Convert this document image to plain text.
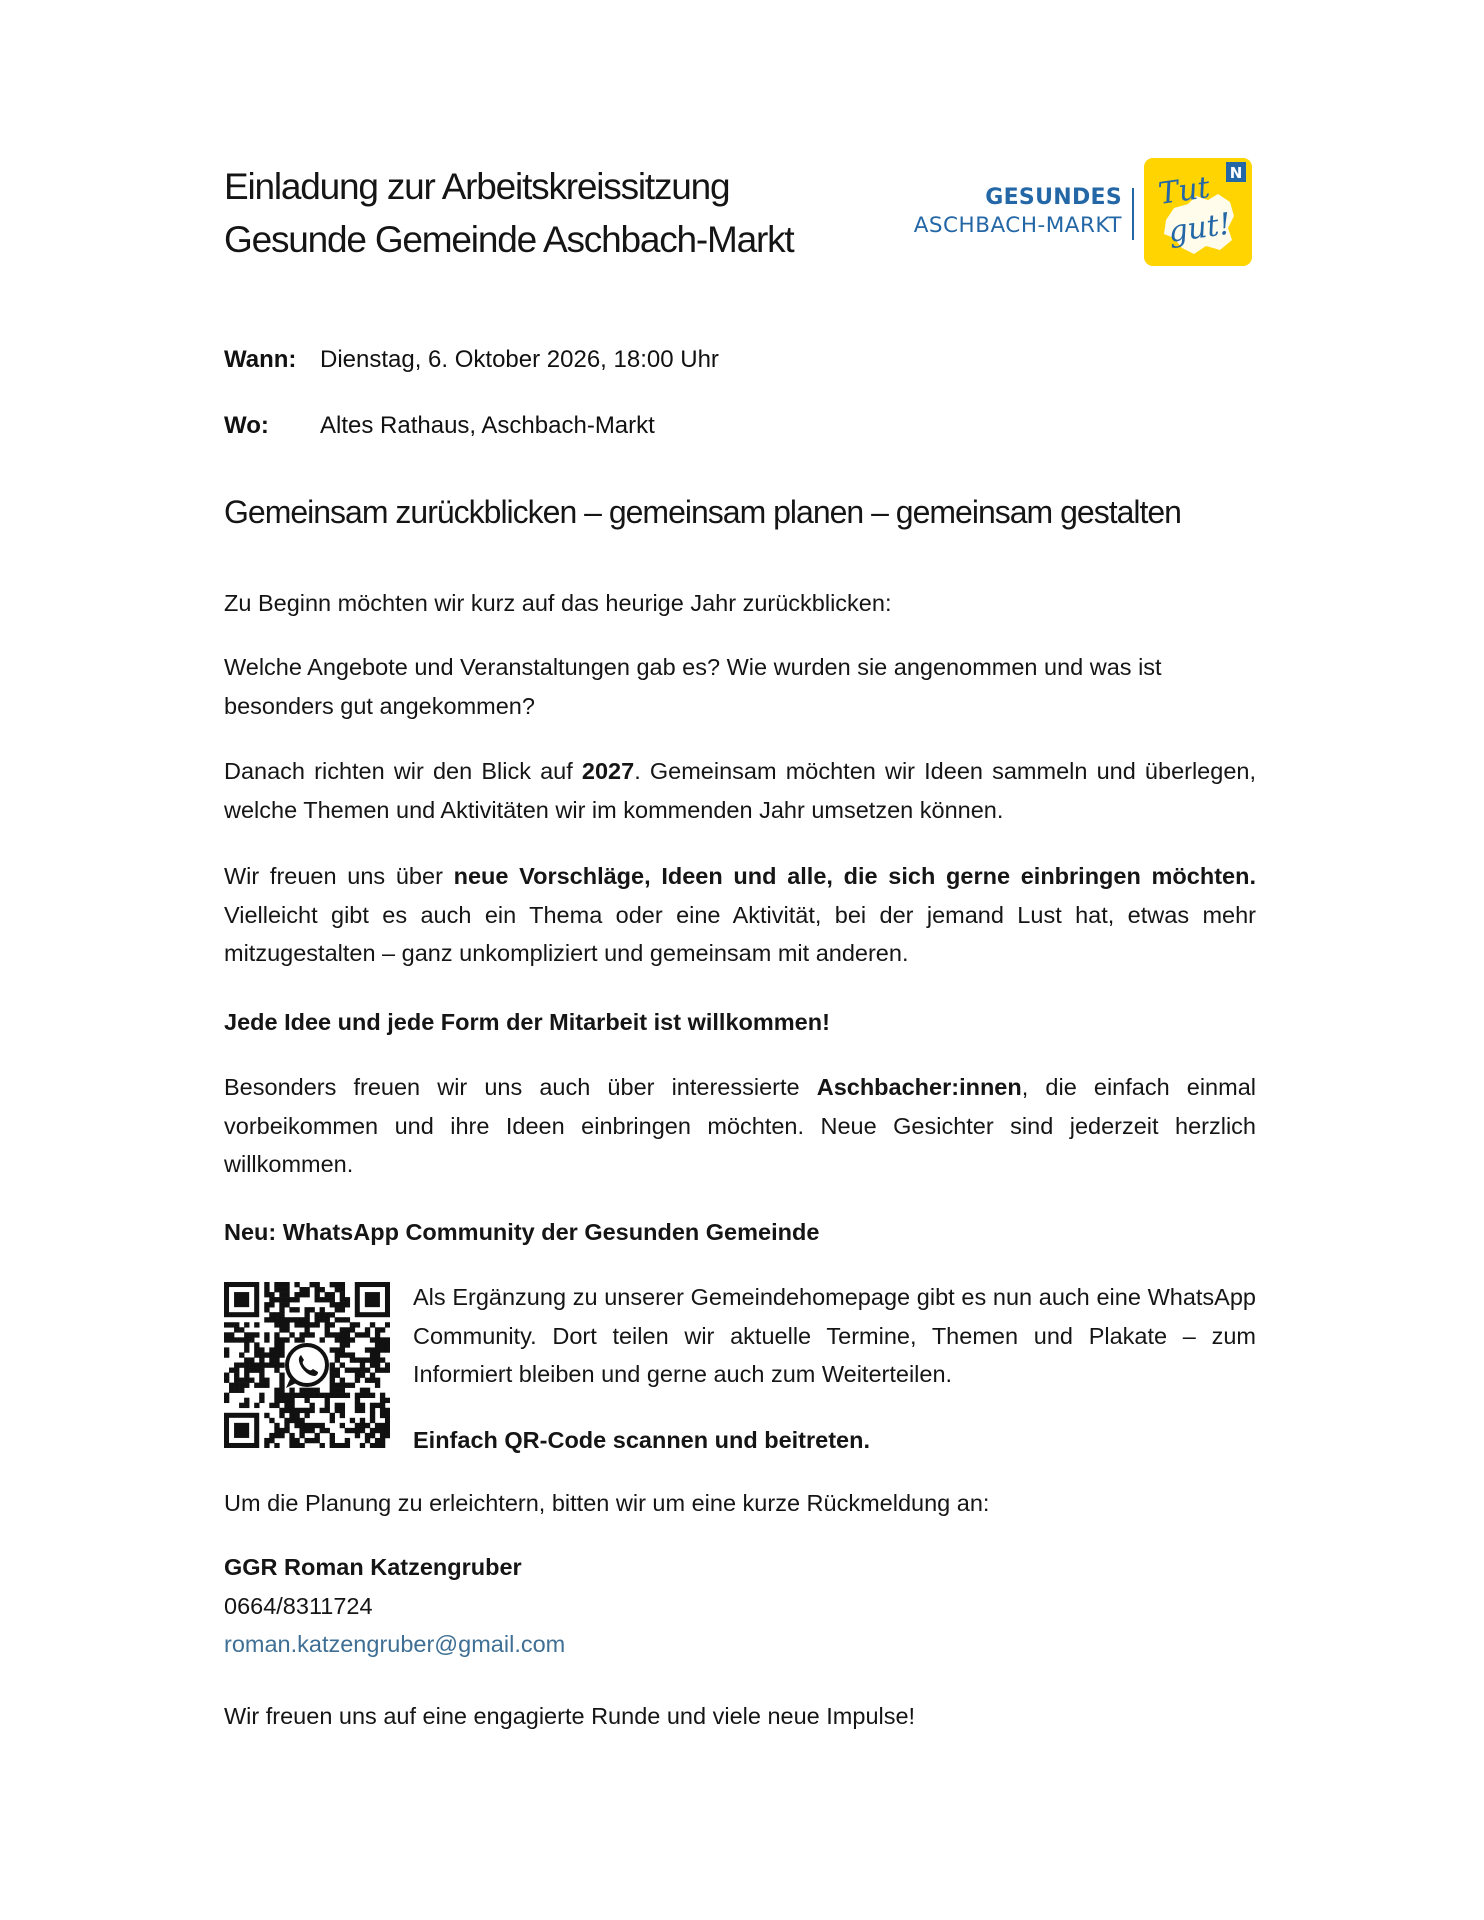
Einladung zur Arbeitskreissitzung
Gesunde Gemeinde Aschbach-Markt
GESUNDES
ASCHBACH-MARKT
N
Tut
gut!
Wann: Dienstag, 6. Oktober 2026, 18:00 Uhr
Wo: Altes Rathaus, Aschbach-Markt
Gemeinsam zurückblicken – gemeinsam planen – gemeinsam gestalten

Zu Beginn möchten wir kurz auf das heurige Jahr zurückblicken:

Welche Angebote und Veranstaltungen gab es? Wie wurden sie angenommen und was ist besonders gut angekommen?

Danach richten wir den Blick auf 2027. Gemeinsam möchten wir Ideen sammeln und überlegen, welche Themen und Aktivitäten wir im kommenden Jahr umsetzen können.

Wir freuen uns über neue Vorschläge, Ideen und alle, die sich gerne einbringen möchten. Vielleicht gibt es auch ein Thema oder eine Aktivität, bei der jemand Lust hat, etwas mehr mitzugestalten – ganz unkompliziert und gemeinsam mit anderen.

Jede Idee und jede Form der Mitarbeit ist willkommen!

Besonders freuen wir uns auch über interessierte Aschbacher:innen, die einfach einmal vorbeikommen und ihre Ideen einbringen möchten. Neue Gesichter sind jederzeit herzlich willkommen.

Neu: WhatsApp Community der Gesunden Gemeinde

Als Ergänzung zu unserer Gemeindehomepage gibt es nun auch eine WhatsApp Community. Dort teilen wir aktuelle Termine, Themen und Plakate – zum Informiert bleiben und gerne auch zum Weiterteilen.
Einfach QR-Code scannen und beitreten.

Um die Planung zu erleichtern, bitten wir um eine kurze Rückmeldung an:

GGR Roman Katzengruber
0664/8311724
roman.katzengruber@gmail.com

Wir freuen uns auf eine engagierte Runde und viele neue Impulse!
